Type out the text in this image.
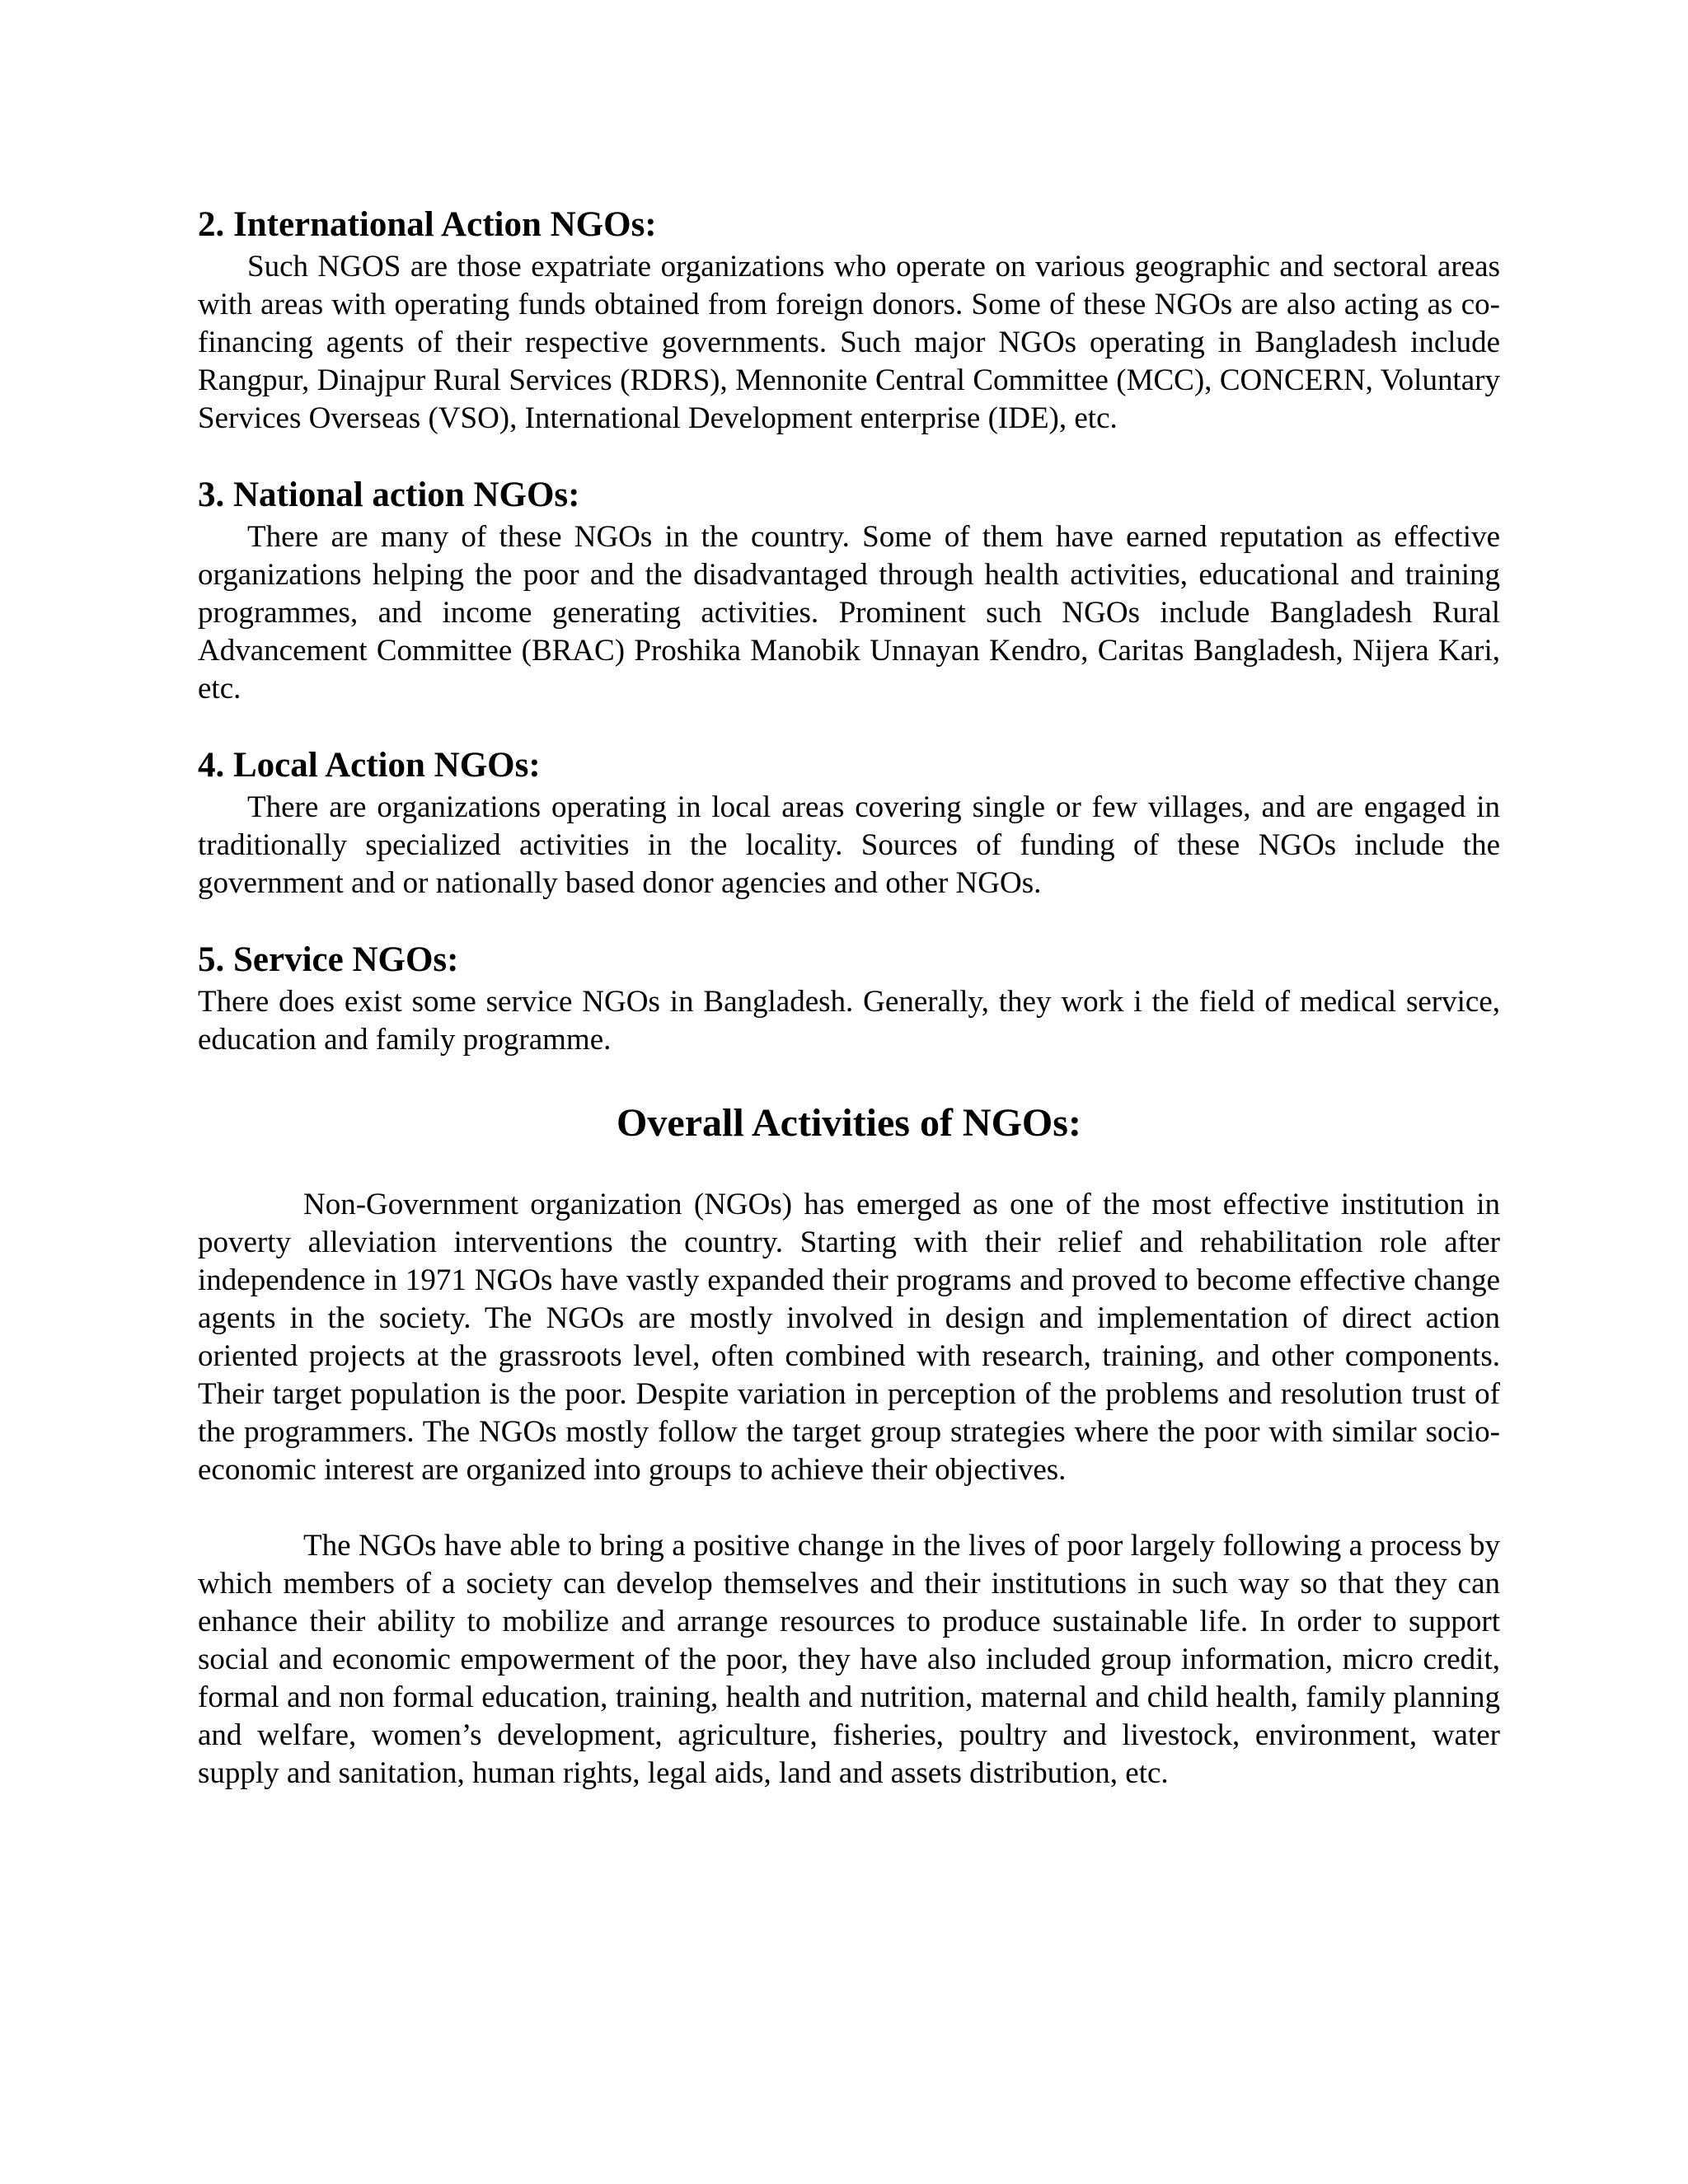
2. International Action NGOs:

Such NGOS are those expatriate organizations who operate on various geographic and sectoral areas with areas with operating funds obtained from foreign donors. Some of these NGOs are also acting as co-financing agents of their respective governments. Such major NGOs operating in Bangladesh include Rangpur, Dinajpur Rural Services (RDRS), Mennonite Central Committee (MCC), CONCERN, Voluntary Services Overseas (VSO), International Development enterprise (IDE), etc.

3. National action NGOs:

There are many of these NGOs in the country. Some of them have earned reputation as effective organizations helping the poor and the disadvantaged through health activities, educational and training programmes, and income generating activities. Prominent such NGOs include Bangladesh Rural Advancement Committee (BRAC) Proshika Manobik Unnayan Kendro, Caritas Bangladesh, Nijera Kari, etc.

4. Local Action NGOs:

There are organizations operating in local areas covering single or few villages, and are engaged in traditionally specialized activities in the locality. Sources of funding of these NGOs include the government and or nationally based donor agencies and other NGOs.

5. Service NGOs:

There does exist some service NGOs in Bangladesh. Generally, they work i the field of medical service, education and family programme.

Overall Activities of NGOs:

Non-Government organization (NGOs) has emerged as one of the most effective institution in poverty alleviation interventions the country. Starting with their relief and rehabilitation role after independence in 1971 NGOs have vastly expanded their programs and proved to become effective change agents in the society. The NGOs are mostly involved in design and implementation of direct action oriented projects at the grassroots level, often combined with research, training, and other components. Their target population is the poor. Despite variation in perception of the problems and resolution trust of the programmers. The NGOs mostly follow the target group strategies where the poor with similar socio-economic interest are organized into groups to achieve their objectives.

The NGOs have able to bring a positive change in the lives of poor largely following a process by which members of a society can develop themselves and their institutions in such way so that they can enhance their ability to mobilize and arrange resources to produce sustainable life. In order to support social and economic empowerment of the poor, they have also included group information, micro credit, formal and non formal education, training, health and nutrition, maternal and child health, family planning and welfare, women’s development, agriculture, fisheries, poultry and livestock, environment, water supply and sanitation, human rights, legal aids, land and assets distribution, etc.
